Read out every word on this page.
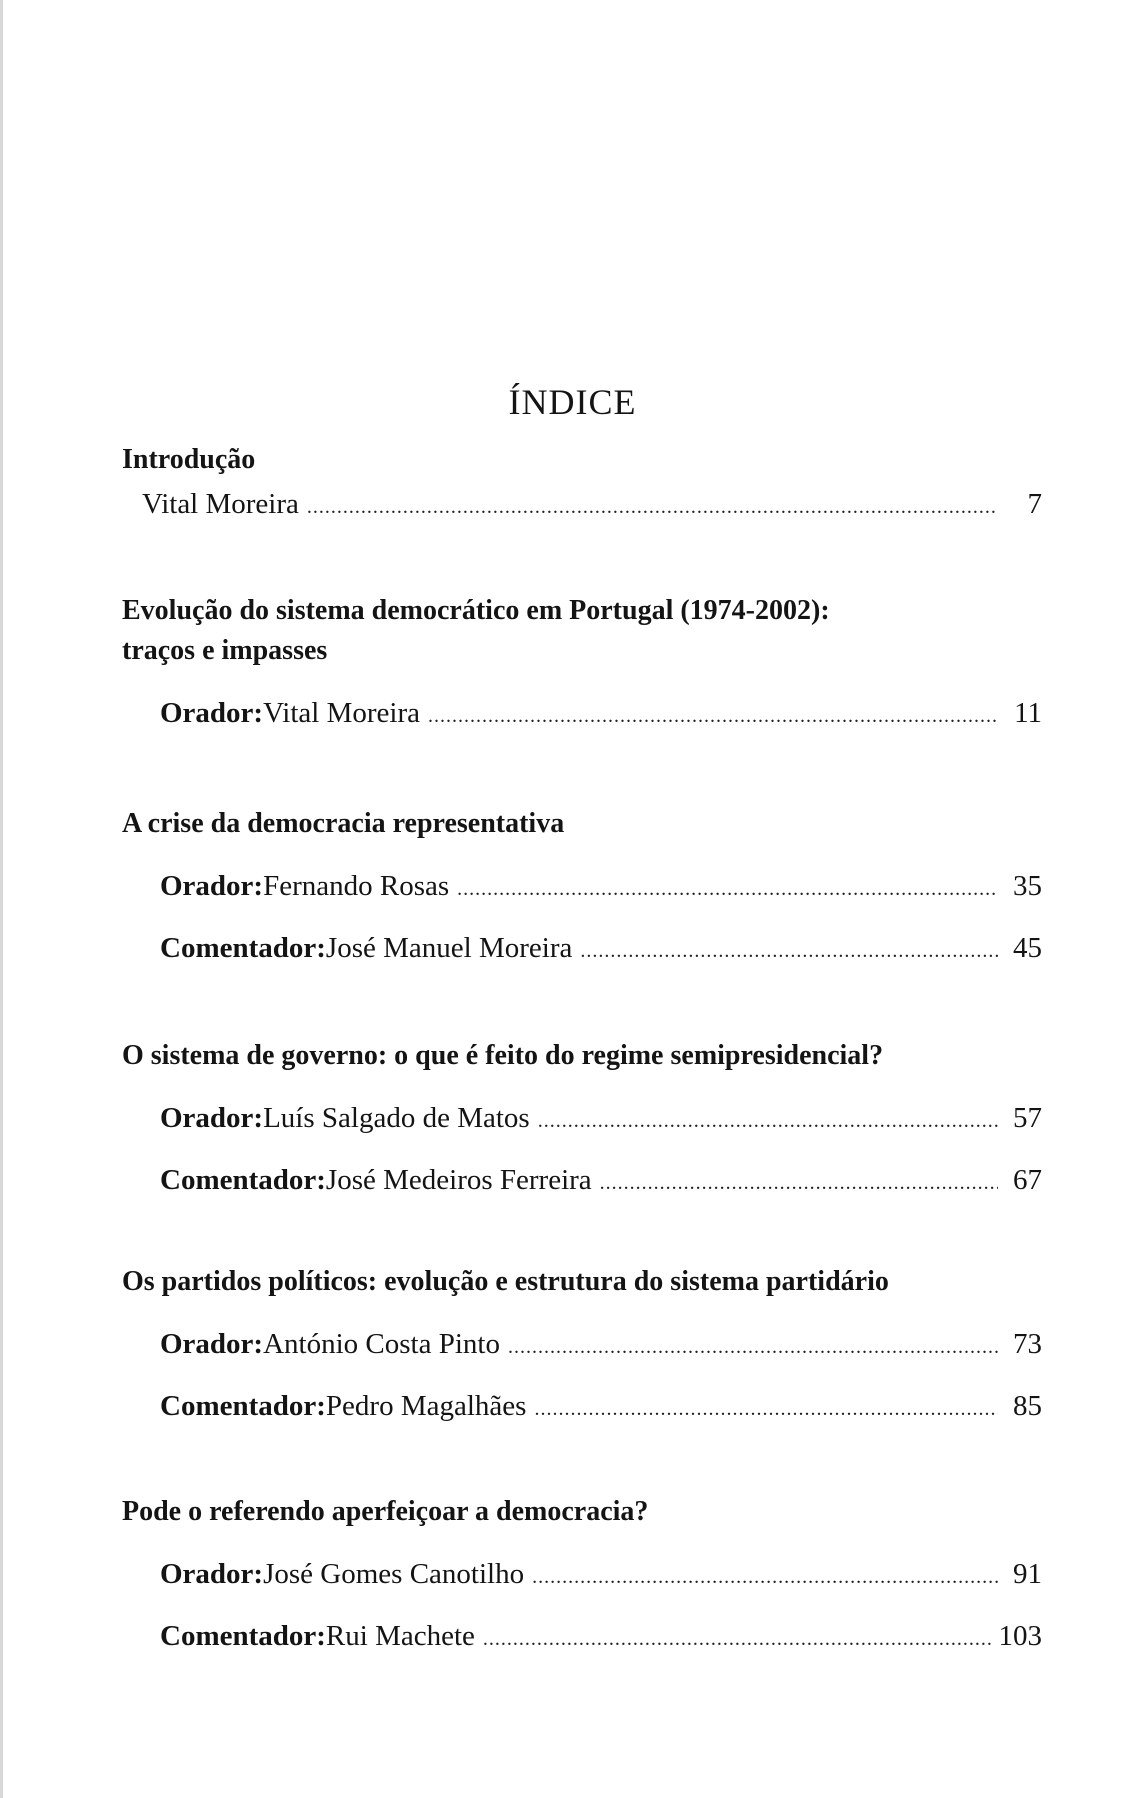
ÍNDICE

Introdução

Vital Moreira .....	7

Evolução do sistema democrático em Portugal (1974-2002):

traços e impasses

Orador: Vital Moreira .....	11

A crise da democracia representativa

Orador: Fernando Rosas .....	35
Comentador: José Manuel Moreira .....	45

O sistema de governo: o que é feito do regime semipresidencial?

Orador: Luís Salgado de Matos .....	57
Comentador: José Medeiros Ferreira .....	67

Os partidos políticos: evolução e estrutura do sistema partidário

Orador: António Costa Pinto .....	73
Comentador: Pedro Magalhães .....	85

Pode o referendo aperfeiçoar a democracia?

Orador: José Gomes Canotilho .....	91
Comentador: Rui Machete .....	103
